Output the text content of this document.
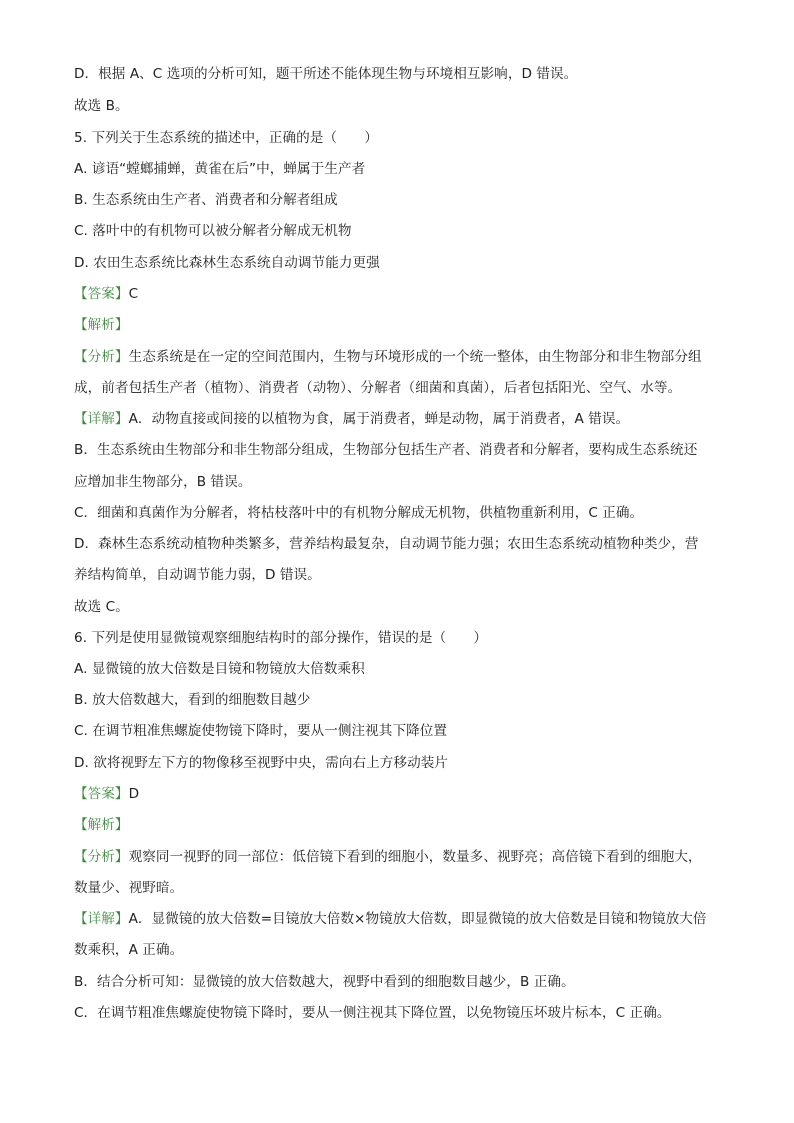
D．根据 A、C 选项的分析可知，题干所述不能体现生物与环境相互影响，D 错误。
故选 B。
5. 下列关于生态系统的描述中，正确的是（　　）
A. 谚语“螳螂捕蝉，黄雀在后”中，蝉属于生产者
B. 生态系统由生产者、消费者和分解者组成
C. 落叶中的有机物可以被分解者分解成无机物
D. 农田生态系统比森林生态系统自动调节能力更强
【答案】C
【解析】
【分析】生态系统是在一定的空间范围内，生物与环境形成的一个统一整体，由生物部分和非生物部分组
成，前者包括生产者（植物）、消费者（动物）、分解者（细菌和真菌），后者包括阳光、空气、水等。
【详解】A．动物直接或间接的以植物为食，属于消费者，蝉是动物，属于消费者，A 错误。
B．生态系统由生物部分和非生物部分组成，生物部分包括生产者、消费者和分解者，要构成生态系统还
应增加非生物部分，B 错误。
C．细菌和真菌作为分解者，将枯枝落叶中的有机物分解成无机物，供植物重新利用，C 正确。
D．森林生态系统动植物种类繁多，营养结构最复杂，自动调节能力强；农田生态系统动植物种类少，营
养结构简单，自动调节能力弱，D 错误。
故选 C。
6. 下列是使用显微镜观察细胞结构时的部分操作，错误的是（　　）
A. 显微镜的放大倍数是目镜和物镜放大倍数乘积
B. 放大倍数越大，看到的细胞数目越少
C. 在调节粗准焦螺旋使物镜下降时，要从一侧注视其下降位置
D. 欲将视野左下方的物像移至视野中央，需向右上方移动装片
【答案】D
【解析】
【分析】观察同一视野的同一部位：低倍镜下看到的细胞小，数量多、视野亮；高倍镜下看到的细胞大，
数量少、视野暗。
【详解】A．显微镜的放大倍数=目镜放大倍数×物镜放大倍数，即显微镜的放大倍数是目镜和物镜放大倍
数乘积，A 正确。
B．结合分析可知：显微镜的放大倍数越大，视野中看到的细胞数目越少，B 正确。
C．在调节粗准焦螺旋使物镜下降时，要从一侧注视其下降位置，以免物镜压坏玻片标本，C 正确。
